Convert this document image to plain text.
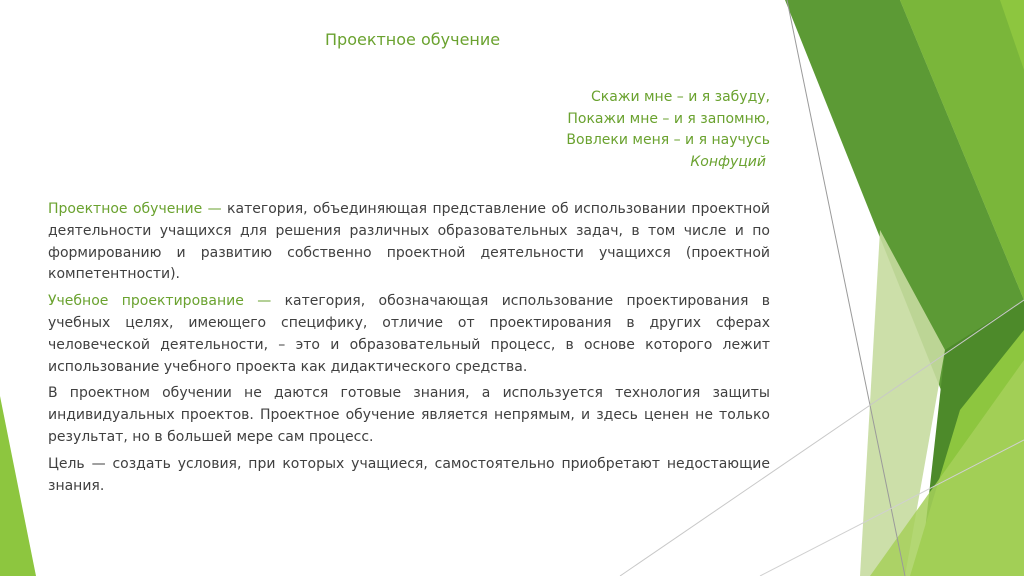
Проектное обучение
Скажи мне – и я забуду,
Покажи мне – и я запомню,
Вовлеки меня – и я научусь
Конфуций

Проектное обучение — категория, объединяющая представление об использовании проектной деятельности учащихся для решения различных образовательных задач, в том числе и по формированию и развитию собственно проектной деятельности учащихся (проектной компетентности).

Учебное проектирование — категория, обозначающая использование проектирования в учебных целях, имеющего специфику, отличие от проектирования в других сферах человеческой деятельности, – это и образовательный процесс, в основе которого лежит использование учебного проекта как дидактического средства.

В проектном обучении не даются готовые знания, а используется технология защиты индивидуальных проектов. Проектное обучение является непрямым, и здесь ценен не только результат, но в большей мере сам процесс.

Цель — создать условия, при которых учащиеся, самостоятельно приобретают недостающие знания.
